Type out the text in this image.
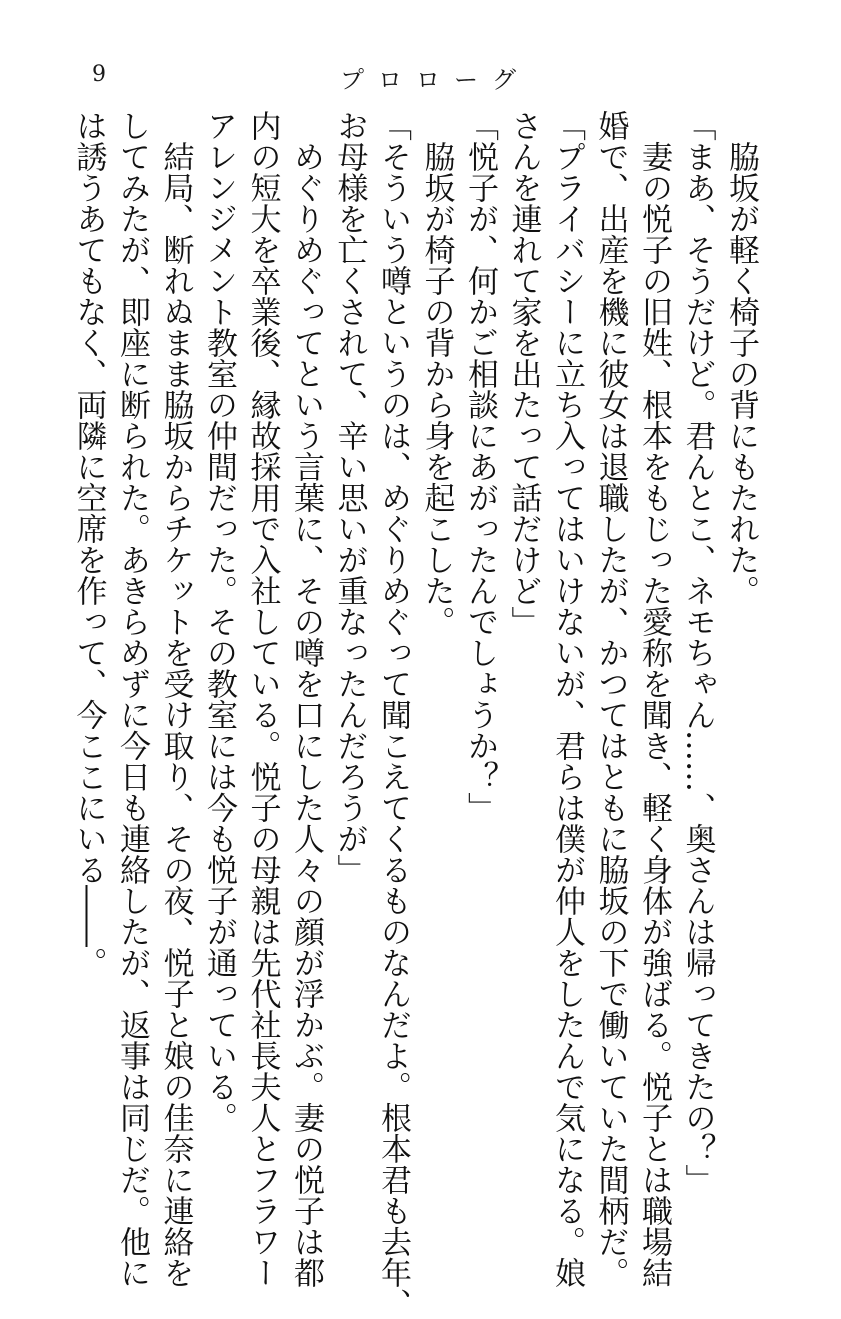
9	プロローグ
脇坂が軽く椅子の背にもたれた。
「まあ、そうだけど。君んとこ、ネモちゃん……、奥さんは帰ってきたの？」
妻の悦子の旧姓、根本をもじった愛称を聞き、軽く身体が強ばる。悦子とは職場結
婚で、出産を機に彼女は退職したが、かつてはともに脇坂の下で働いていた間柄だ。
「プライバシーに立ち入ってはいけないが、君らは僕が仲人をしたんで気になる。娘
さんを連れて家を出たって話だけど」
「悦子が、何かご相談にあがったんでしょうか？」
脇坂が椅子の背から身を起こした。
「そういう噂というのは、めぐりめぐって聞こえてくるものなんだよ。根本君も去年、
お母様を亡くされて、辛い思いが重なったんだろうが」
めぐりめぐってという言葉に、その噂を口にした人々の顔が浮かぶ。妻の悦子は都
内の短大を卒業後、縁故採用で入社している。悦子の母親は先代社長夫人とフラワー
アレンジメント教室の仲間だった。その教室には今も悦子が通っている。
結局、断れぬまま脇坂からチケットを受け取り、その夜、悦子と娘の佳奈に連絡を
してみたが、即座に断られた。あきらめずに今日も連絡したが、返事は同じだ。他に
は誘うあてもなく、両隣に空席を作って、今ここにいる――。
